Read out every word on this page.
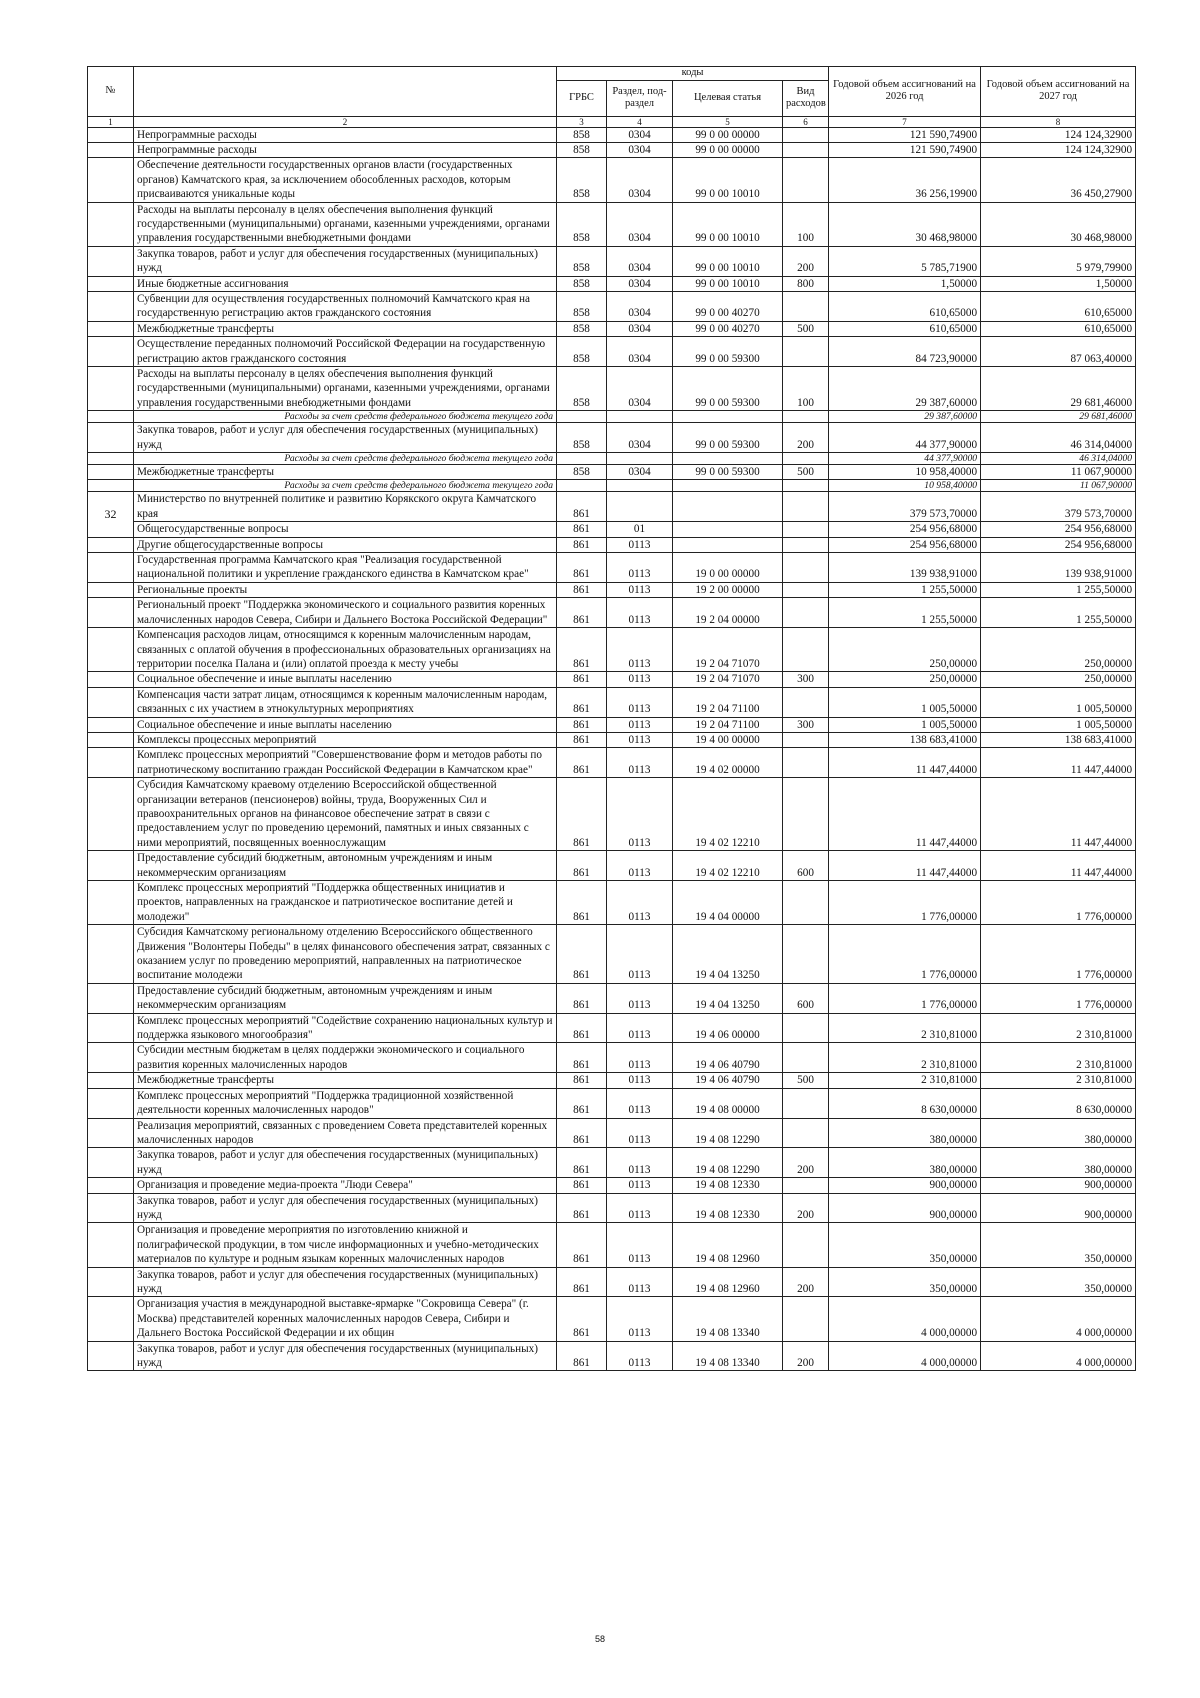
№		коды				Годовой объем ассигнований на 2026 год	Годовой объем ассигнований на 2027 год
		ГРБС	Раздел, под-раздел	Целевая статья	Вид расходов		
1	2	3	4	5	6	7	8
	Непрограммные расходы	858	0304	99 0 00 00000		121 590,74900	124 124,32900
	Непрограммные расходы	858	0304	99 0 00 00000		121 590,74900	124 124,32900
	Обеспечение деятельности государственных органов власти (государственных органов) Камчатского края, за исключением обособленных расходов, которым присваиваются уникальные коды	858	0304	99 0 00 10010		36 256,19900	36 450,27900
	Расходы на выплаты персоналу в целях обеспечения выполнения функций государственными (муниципальными) органами, казенными учреждениями, органами управления государственными внебюджетными фондами	858	0304	99 0 00 10010	100	30 468,98000	30 468,98000
	Закупка товаров, работ и услуг для обеспечения государственных (муниципальных) нужд	858	0304	99 0 00 10010	200	5 785,71900	5 979,79900
	Иные бюджетные ассигнования	858	0304	99 0 00 10010	800	1,50000	1,50000
	Субвенции для осуществления государственных полномочий Камчатского края на государственную регистрацию актов гражданского состояния	858	0304	99 0 00 40270		610,65000	610,65000
	Межбюджетные трансферты	858	0304	99 0 00 40270	500	610,65000	610,65000
	Осуществление переданных полномочий Российской Федерации на государственную регистрацию актов гражданского состояния	858	0304	99 0 00 59300		84 723,90000	87 063,40000
	Расходы на выплаты персоналу в целях обеспечения выполнения функций государственными (муниципальными) органами, казенными учреждениями, органами управления государственными внебюджетными фондами	858	0304	99 0 00 59300	100	29 387,60000	29 681,46000
	Расходы за счет средств федерального бюджета текущего года					29 387,60000	29 681,46000
	Закупка товаров, работ и услуг для обеспечения государственных (муниципальных) нужд	858	0304	99 0 00 59300	200	44 377,90000	46 314,04000
	Расходы за счет средств федерального бюджета текущего года					44 377,90000	46 314,04000
	Межбюджетные трансферты	858	0304	99 0 00 59300	500	10 958,40000	11 067,90000
	Расходы за счет средств федерального бюджета текущего года					10 958,40000	11 067,90000
32	Министерство по внутренней политике и развитию Корякского округа Камчатского края	861				379 573,70000	379 573,70000
	Общегосударственные вопросы	861	01			254 956,68000	254 956,68000
	Другие общегосударственные вопросы	861	0113			254 956,68000	254 956,68000
	Государственная программа Камчатского края "Реализация государственной национальной политики и укрепление гражданского единства в Камчатском крае"	861	0113	19 0 00 00000		139 938,91000	139 938,91000
	Региональные проекты	861	0113	19 2 00 00000		1 255,50000	1 255,50000
	Региональный проект "Поддержка экономического и социального развития коренных малочисленных народов Севера, Сибири и Дальнего Востока Российской Федерации"	861	0113	19 2 04 00000		1 255,50000	1 255,50000
	Компенсация расходов лицам, относящимся к коренным малочисленным народам, связанных с оплатой обучения в профессиональных образовательных организациях на территории поселка Палана и (или) оплатой проезда к месту учебы	861	0113	19 2 04 71070		250,00000	250,00000
	Социальное обеспечение и иные выплаты населению	861	0113	19 2 04 71070	300	250,00000	250,00000
	Компенсация части затрат лицам, относящимся к коренным малочисленным народам, связанных с их участием в этнокультурных мероприятиях	861	0113	19 2 04 71100		1 005,50000	1 005,50000
	Социальное обеспечение и иные выплаты населению	861	0113	19 2 04 71100	300	1 005,50000	1 005,50000
	Комплексы процессных мероприятий	861	0113	19 4 00 00000		138 683,41000	138 683,41000
	Комплекс процессных мероприятий "Совершенствование форм и методов работы по патриотическому воспитанию граждан Российской Федерации в Камчатском крае"	861	0113	19 4 02 00000		11 447,44000	11 447,44000
	Субсидия Камчатскому краевому отделению Всероссийской общественной организации ветеранов (пенсионеров) войны, труда, Вооруженных Сил и правоохранительных органов на финансовое обеспечение затрат в связи с предоставлением услуг по проведению церемоний, памятных и иных связанных с ними мероприятий, посвященных военнослужащим	861	0113	19 4 02 12210		11 447,44000	11 447,44000
	Предоставление субсидий бюджетным, автономным учреждениям и иным некоммерческим организациям	861	0113	19 4 02 12210	600	11 447,44000	11 447,44000
	Комплекс процессных мероприятий "Поддержка общественных инициатив и проектов, направленных на гражданское и патриотическое воспитание детей и молодежи"	861	0113	19 4 04 00000		1 776,00000	1 776,00000
	Субсидия Камчатскому региональному отделению Всероссийского общественного Движения "Волонтеры Победы" в целях финансового обеспечения затрат, связанных с оказанием услуг по проведению мероприятий, направленных на патриотическое воспитание молодежи	861	0113	19 4 04 13250		1 776,00000	1 776,00000
	Предоставление субсидий бюджетным, автономным учреждениям и иным некоммерческим организациям	861	0113	19 4 04 13250	600	1 776,00000	1 776,00000
	Комплекс процессных мероприятий "Содействие сохранению национальных культур и поддержка языкового многообразия"	861	0113	19 4 06 00000		2 310,81000	2 310,81000
	Субсидии местным бюджетам в целях поддержки экономического и социального развития коренных малочисленных народов	861	0113	19 4 06 40790		2 310,81000	2 310,81000
	Межбюджетные трансферты	861	0113	19 4 06 40790	500	2 310,81000	2 310,81000
	Комплекс процессных мероприятий "Поддержка традиционной хозяйственной деятельности коренных малочисленных народов"	861	0113	19 4 08 00000		8 630,00000	8 630,00000
	Реализация мероприятий, связанных с проведением Совета представителей коренных малочисленных народов	861	0113	19 4 08 12290		380,00000	380,00000
	Закупка товаров, работ и услуг для обеспечения государственных (муниципальных) нужд	861	0113	19 4 08 12290	200	380,00000	380,00000
	Организация и проведение медиа-проекта "Люди Севера"	861	0113	19 4 08 12330		900,00000	900,00000
	Закупка товаров, работ и услуг для обеспечения государственных (муниципальных) нужд	861	0113	19 4 08 12330	200	900,00000	900,00000
	Организация и проведение мероприятия по изготовлению книжной и полиграфической продукции, в том числе информационных и учебно-методических материалов по культуре и родным языкам коренных малочисленных народов	861	0113	19 4 08 12960		350,00000	350,00000
	Закупка товаров, работ и услуг для обеспечения государственных (муниципальных) нужд	861	0113	19 4 08 12960	200	350,00000	350,00000
	Организация участия в международной выставке-ярмарке "Сокровища Севера" (г. Москва) представителей коренных малочисленных народов Севера, Сибири и Дальнего Востока Российской Федерации и их общин	861	0113	19 4 08 13340		4 000,00000	4 000,00000
	Закупка товаров, работ и услуг для обеспечения государственных (муниципальных) нужд	861	0113	19 4 08 13340	200	4 000,00000	4 000,00000
58
